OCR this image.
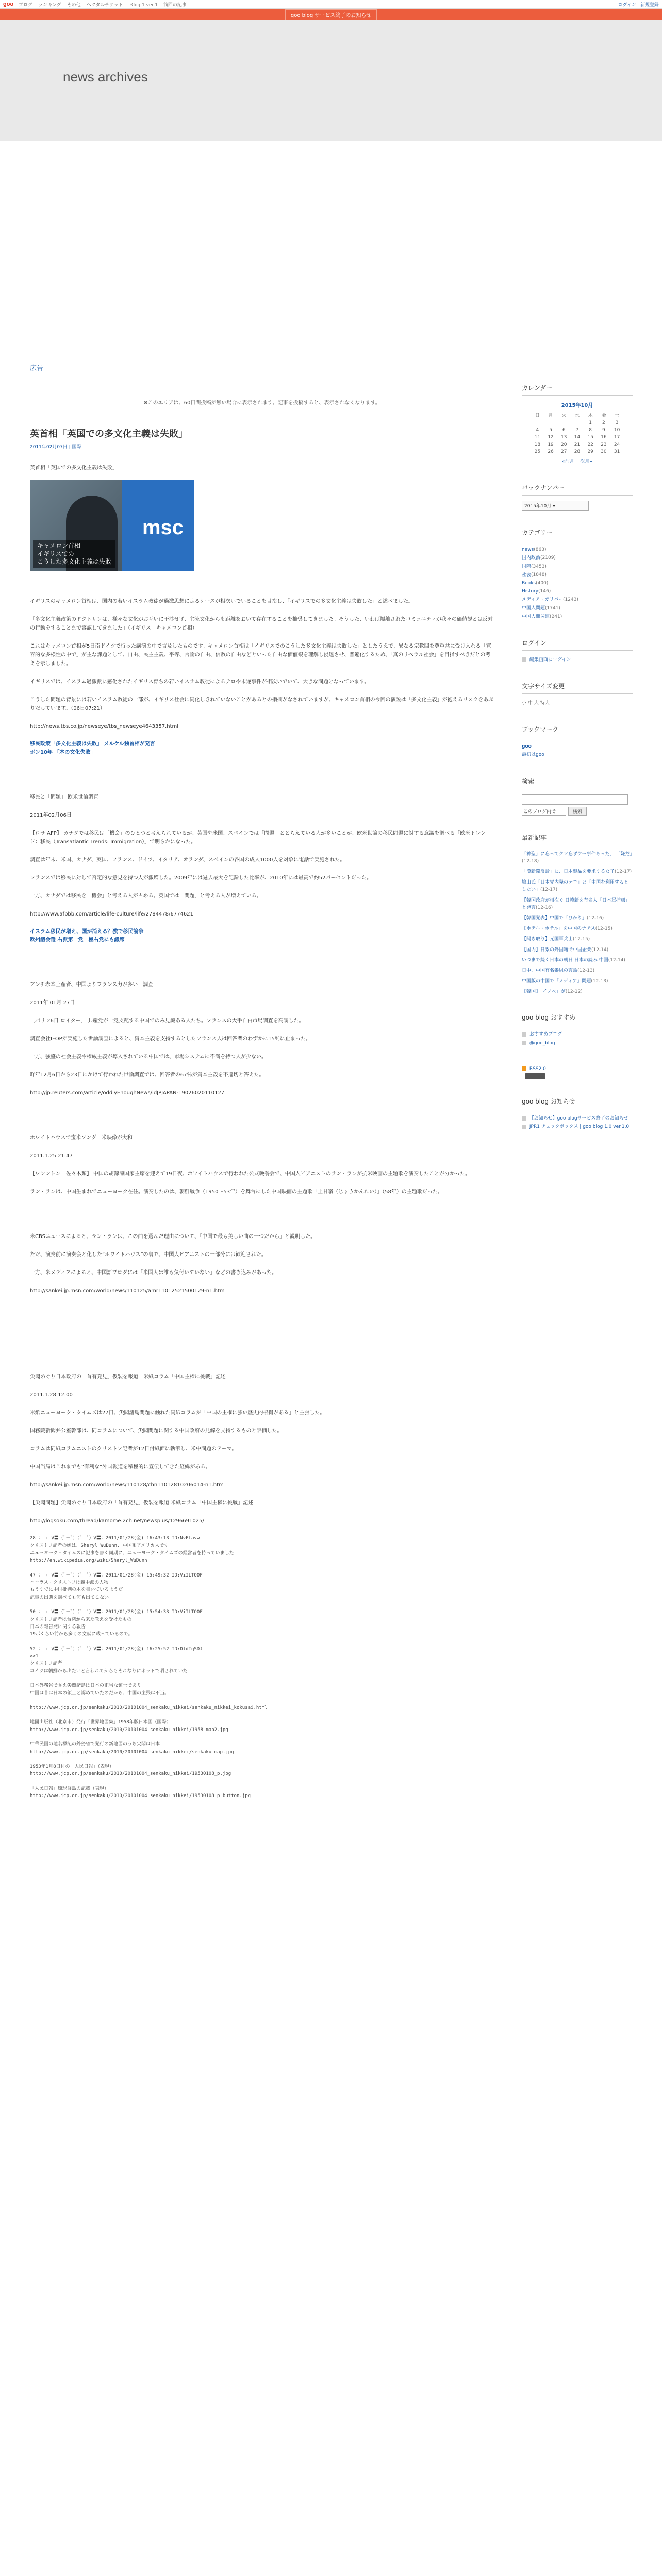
goo ブログ ランキング その他 ヘクタルチケット Ｂlog 1 ver.1 前回の記事	ログイン 新規登録
goo blog サービス終了のお知らせ
news archives
広告

※このエリアは、60日間投稿が無い場合に表示されます。記事を投稿すると、表示されなくなります。

英首相「英国での多文化主義は失敗」
2011年02月07日 | 国際
英首相「英国での多文化主義は失敗」
msc
キャメロン首相
イギリスでの
こうした多文化主義は失敗

イギリスのキャメロン首相は、国内の若いイスラム教徒が過激思想に走るケースが相次いでいることを目指し、「イギリスでの多文化主義は失敗した」と述べました。

「多文化主義政策のドクトリンは、様々な文化がお互いに干渉せず、主流文化からも距離をおいて存在することを推奨してきました。そうした、いわば隔離されたコミュニティが我々の価値観とは反対の行動をすることまで容認してきました」（イギリス　キャメロン首相）

これはキャメロン首相が5日南ドイツで行った講演の中で言及したものです。キャメロン首相は「イギリスでのこうした多文化主義は失敗した」としたうえで、異なる宗教間を尊重共に受け入れる「寛容的な多様性の中で」が主な課題として、自由、民主主義、平等、言論の自由、信教の自由などといった自由な価値観を理解し浸透させ、普遍化するため、「真のリベラル社会」を目指すべきだとの考えを示しました。

イギリスでは、イスラム過激派に感化されたイギリス育ちの若いイスラム教徒によるテロや未遂事件が相次いでいて、大きな問題となっています。

こうした問題の背景には若いイスラム教徒の一部が、イギリス社会に同化しきれていないことがあるとの指摘がなされていますが、キャメロン首相の今回の演説は「多文化主義」が抱えるリスクをあぶりだしています。（06日07:21）

http://news.tbs.co.jp/newseye/tbs_newseye4643357.html

移民政策「多文化主義は失敗」 メルケル独首相が発言
ボン10年 「本の文化失敗」

移民と「問題」 欧米世論調査

2011年02月06日

【ロサ AFP】 カナダでは移民は「機会」のひとつと考えられているが、英国や米国、スペインでは「問題」ととらえている人が多いことが、欧米世論の移民問題に対する意識を調べる「欧米トレンド：移民（Transatlantic Trends: Immigration）」で明らかになった。

調査は年末、米国、カナダ、英国、フランス、ドイツ、イタリア、オランダ、スペインの各国の成人1000人を対象に電話で実施された。

フランスでは移民に対して否定的な意見を持つ人が激増した。2009年には過去最大を記録した比率が、2010年には最高で約52パーセントだった。

一方、カナダでは移民を「機会」と考える人が占める。英国では「問題」と考える人が増えている。

http://www.afpbb.com/article/life-culture/life/2784478/6774621

イスラム移民が増え、国が消える？独で移民論争
欧州議会選 右派第一党　極右党にも議席

アンチ赤本土産者、中国よりフランス力が多い一調査

2011年 01月 27日

［パリ 26日 ロイター］ 共産党が一党支配する中国でのみ見識ある人たち。フランスの大手自由市場調査を高調した。

調査会社IFOPが実施した世論調査によると、資本主義を支持するとしたフランス人は回答者のわずかに15％に止まった。

一方、強盛の社会主義や権威主義が導入されている中国では、市場システムに不満を持つ人が少ない。

昨年12月6日から23日にかけて行われた世論調査では、回答者の67％が資本主義を不適切と答えた。

http://jp.reuters.com/article/oddlyEnoughNews/idJPJAPAN-19026020110127

ホワイトハウスで宝米ソング　米映像が大和

2011.1.25 21:47

【ワシントン＝佐々木類】 中国の胡錦濤国家主席を迎えて19日夜、ホワイトハウスで行われた公式晩餐会で、中国人ピアニストのラン・ランが抗米映画の主題歌を演奏したことが分かった。

ラン・ランは、中国生まれでニューヨーク在住。演奏したのは、朝鮮戦争（1950〜53年）を舞台にした中国映画の主題歌「上甘嶺（じょうかんれい）」（58年）の主題歌だった。

米CBSニュースによると、ラン・ランは、この曲を選んだ理由について、「中国で最も美しい曲の一つだから」と説明した。

ただ、演奏前に演奏会と化した“ホワイトハウス”の裏で、中国人ピアニストの一部分には歓迎された。

一方、米メディアによると、中国語ブログには「米国人は誰も気付いていない」などの書き込みがあった。

http://sankei.jp.msn.com/world/news/110125/amr11012521500129-n1.htm

尖閣めぐり日本政府の「首有発見」仮装を報道　米紙コラム「中国主権に挑戦」記述

2011.1.28 12:00

米紙ニューヨーク・タイムズは27日、尖閣諸島問題に触れた同紙コラムが「中国の主権に強い歴史的根拠がある」と主張した。

国務院新聞弁公室幹部は、同コラムについて、尖閣問題に関する中国政府の見解を支持するものと評価した。

コラムは同紙コラムニストのクリストフ記者が12日付紙面に執筆し、米中問題のテーマ。

中国当局はこれまでも“有利な”外国報道を積極的に宣伝してきた経緯がある。

http://sankei.jp.msn.com/world/news/110128/chn11012810206014-n1.htm

【尖閣問題】尖閣めぐり日本政府の「首有発見」仮装を報道 米紙コラム「中国主権に挑戦」記述

http://logsoku.com/thread/kamome.2ch.net/newsplus/1296691025/

28 ： ← ∀〓（ﾟ－ﾟ）（ﾟ　ﾟ）∀〓：2011/01/28(金) 16:43:13 ID:NvPLavw
クリストフ記者の嫁は、Sheryl WuDunn, 中国系アメリカ人です
ニューヨーク・タイムズに記事を書く同期に、ニューヨーク・タイムズの経営者を持っていました
http://en.wikipedia.org/wiki/Sheryl_WuDunn

47 ： ← ∀〓（ﾟ－ﾟ）（ﾟ　ﾟ）∀〓：2011/01/28(金) 15:49:32 ID:ViILTOOF
ニコラス・クリストフは親中派の人物
もうすでに中国批判の本を書いているようだ
記事の出典を調べても何も出てこない

50 ： ← ∀〓（ﾟ－ﾟ）（ﾟ　ﾟ）∀〓：2011/01/28(金) 15:54:33 ID:ViILTOOF
クリストフ記者は台湾から来た教えを受けたもの
日本の報告発に関する報告
19ボくらい前から多くの文献に載っているので。

52 ： ← ∀〓（ﾟ－ﾟ）（ﾟ　ﾟ）∀〓：2011/01/28(金) 16:25:52 ID:DldTqSDJ
>>1
クリストフ記者
コイツは朝鮮から出たいと言われてからもそれなりにネットで晒されていた

日本外務省でさえ尖閣諸島は日本の正当な領土であり
中国は昔は日本の領土と認めていたのだから、中国の主張は不当。

http://www.jcp.or.jp/senkaku/2010/20101004_senkaku_nikkei/senkaku_nikkei_kokusai.html

地図出版社（北京市）発行「世界地図集」1958年版日本図（国際）
http://www.jcp.or.jp/senkaku/2010/20101004_senkaku_nikkei/1958_map2.jpg

中華民国の地名標記の外務省で発行の新地図のうち尖閣は日本
http://www.jcp.or.jp/senkaku/2010/20101004_senkaku_nikkei/senkaku_map.jpg

1953年1月8日付の「人民日報」（表現）
http://www.jcp.or.jp/senkaku/2010/20101004_senkaku_nikkei/19530108_p.jpg

「人民日報」琉球群島の記載（表現）
http://www.jcp.or.jp/senkaku/2010/20101004_senkaku_nikkei/19530108_p_button.jpg

カレンダー
2015年10月
日	月	火	水	木	金	土
				1	2	3
4	5	6	7	8	9	10
11	12	13	14	15	16	17
18	19	20	21	22	23	24
25	26	27	28	29	30	31
«前月 次月»
バックナンバー
2015年10月 ▾
カテゴリー
news(863)
国内政治(2109)
国際(3453)
社会(1848)
Books(400)
History(146)
メディア・ガリバー(1243)
中国人問題(1741)
中国人間関連(241)
ログイン
編集画面にログイン
文字サイズ変更
小 中 大 特大
ブックマーク
goo
最初はgoo
検索
このブログ内で	検索
最新記事
「神聖」に忘ってクソ忘ずケー事件あった」 「嫌だ」(12-18)
「漢新聞反論」に、日本製品を要求する女子(12-17)
鳩山氏「日本党内発のテロ」と「中国を利用するとしたい」(12-17)
【韓国政府が相次ぐ 日韓新を有名人「日本軍捕虜」と発言(12-16)
【韓国発表】中国で「ひかり」(12-16)
【ホテル・ホテル」を中国のナチス(12-15)
【聞き取り】元国軍兵士(12-15)
【国内】日系の外国籍で中国企業(12-14)
いつまで続く日本の朝日 日本の読み 中国(12-14)
日中、中国有名番組の言論(12-13)
中国版の中国で「メディア」問題(12-13)
【韓国】「イノベ」が(12-12)
goo blog おすすめ
おすすめブログ
@goo_blog
RSS2.0
goo blog お知らせ
【お知らせ】goo blogサービス終了のお知らせ
JPR1 チェックボックス | goo blog 1.0 ver.1.0
